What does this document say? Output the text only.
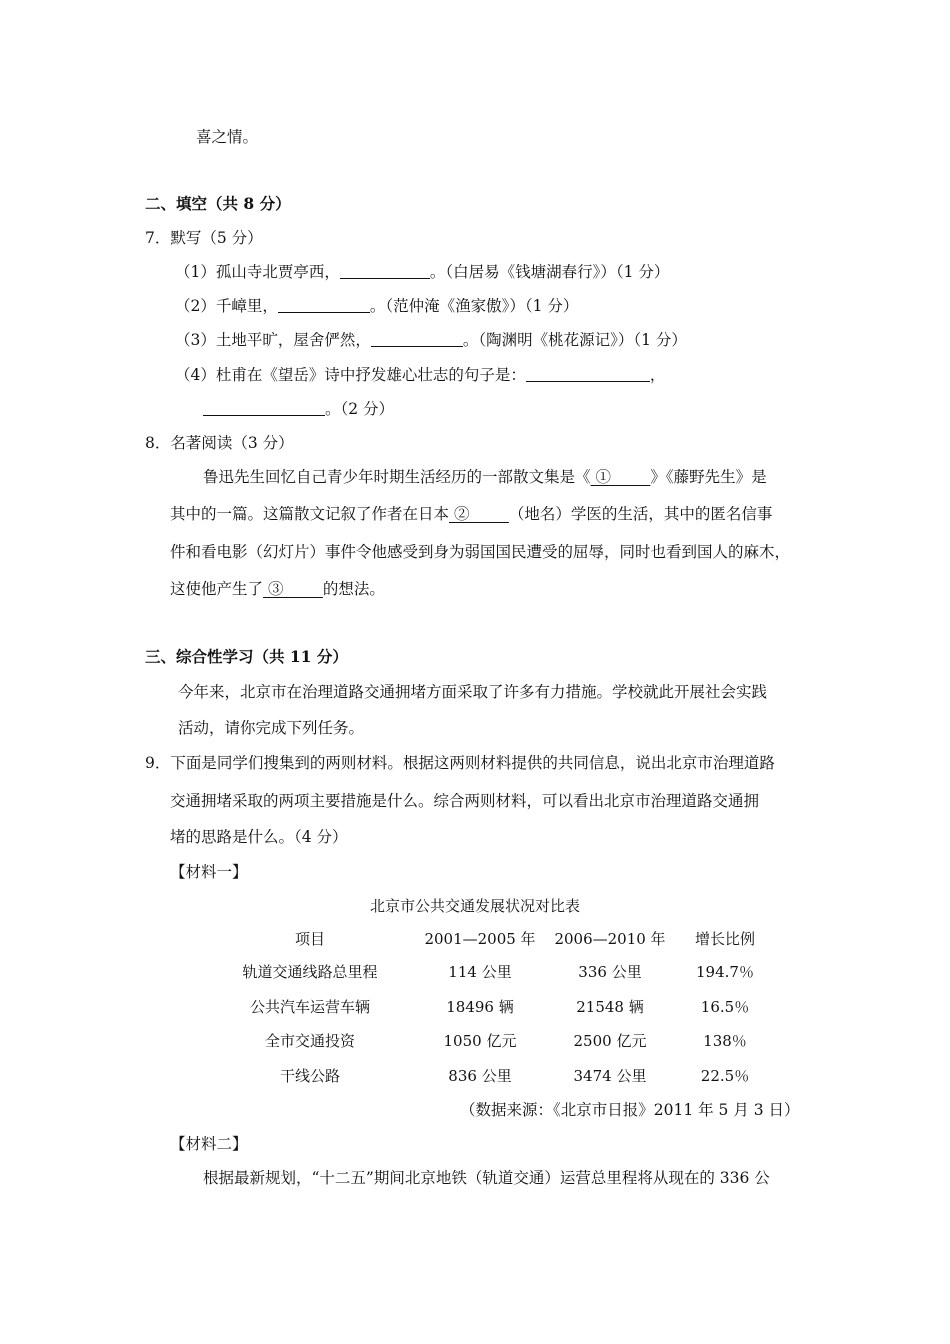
喜之情。
二、填空（共 8 分）
7．默写（5 分）
（1）孤山寺北贾亭西，	。（白居易《钱塘湖春行》）（1 分）
（2）千嶂里，	。（范仲淹《渔家傲》）（1 分）
（3）土地平旷，屋舍俨然，	。（陶渊明《桃花源记》）（1 分）
（4）杜甫在《望岳》诗中抒发雄心壮志的句子是：	，
。（2 分）
8．名著阅读（3 分）
鲁迅先生回忆自己青少年时期生活经历的一部散文集是《 ①	》《藤野先生》是
其中的一篇。这篇散文记叙了作者在日本 ②	（地名）学医的生活，其中的匿名信事
件和看电影（幻灯片）事件令他感受到身为弱国国民遭受的屈辱，同时也看到国人的麻木，
这使他产生了 ③	的想法。
三、综合性学习（共 11 分）
今年来，北京市在治理道路交通拥堵方面采取了许多有力措施。学校就此开展社会实践
活动，请你完成下列任务。
9．下面是同学们搜集到的两则材料。根据这两则材料提供的共同信息，说出北京市治理道路
交通拥堵采取的两项主要措施是什么。综合两则材料，可以看出北京市治理道路交通拥
堵的思路是什么。（4 分）
【材料一】
北京市公共交通发展状况对比表
项目	2001—2005 年 2006—2010 年	增长比例
轨道交通线路总里程	114 公里	336 公里	194.7％
公共汽车运营车辆	18496 辆	21548 辆	16.5％
全市交通投资	1050 亿元	2500 亿元	138％
干线公路	836 公里	3474 公里	22.5％
（数据来源：《北京市日报》2011 年 5 月 3 日）
【材料二】
根据最新规划，“十二五”期间北京地铁（轨道交通）运营总里程将从现在的 336 公
